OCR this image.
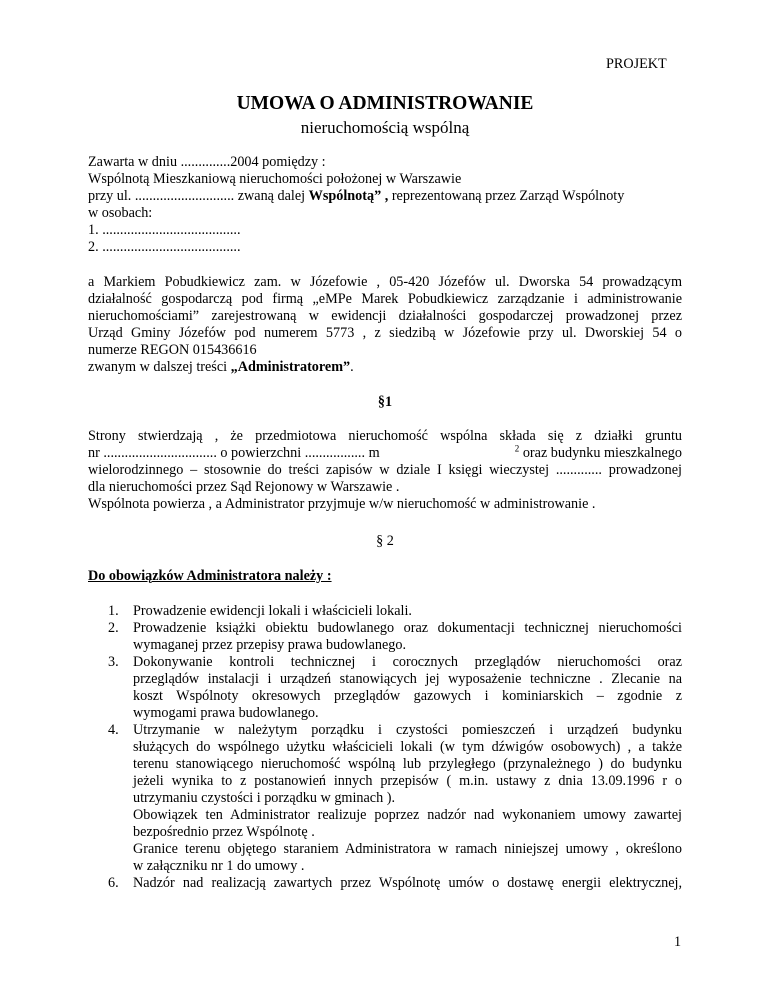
PROJEKT
UMOWA O ADMINISTROWANIE
nieruchomością wspólną
Zawarta w dniu ..............2004 pomiędzy :
Wspólnotą Mieszkaniową nieruchomości położonej w Warszawie
przy ul. ............................ zwaną dalej Wspólnotą” , reprezentowaną przez Zarząd Wspólnoty
w osobach:
1. .......................................
2. .......................................
a Markiem Pobudkiewicz zam. w Józefowie , 05-420 Józefów ul. Dworska 54 prowadzącym
działalność gospodarczą pod firmą „eMPe Marek Pobudkiewicz zarządzanie i administrowanie
nieruchomościami” zarejestrowaną w ewidencji działalności gospodarczej prowadzonej przez
Urząd Gminy Józefów pod numerem 5773 , z siedzibą w Józefowie przy ul. Dworskiej 54 o
numerze REGON 015436616
zwanym w dalszej treści „Administratorem”.
§1
Strony stwierdzają , że przedmiotowa nieruchomość wspólna składa się z działki gruntu
nr ................................ o powierzchni ................. m	$^2$ oraz budynku mieszkalnego
wielorodzinnego – stosownie do treści zapisów w dziale I księgi wieczystej ............. prowadzonej
dla nieruchomości przez Sąd Rejonowy w Warszawie .
Wspólnota powierza , a Administrator przyjmuje w/w nieruchomość w administrowanie .
§ 2
Do obowiązków Administratora należy :
1. Prowadzenie ewidencji lokali i właścicieli lokali.
2. Prowadzenie książki obiektu budowlanego oraz dokumentacji technicznej nieruchomości
wymaganej przez przepisy prawa budowlanego.
3. Dokonywanie kontroli technicznej i corocznych przeglądów nieruchomości oraz
przeglądów instalacji i urządzeń stanowiących jej wyposażenie techniczne . Zlecanie na
koszt Wspólnoty okresowych przeglądów gazowych i kominiarskich – zgodnie z
wymogami prawa budowlanego.
4. Utrzymanie w należytym porządku i czystości pomieszczeń i urządzeń budynku
służących do wspólnego użytku właścicieli lokali (w tym dźwigów osobowych) , a także
terenu stanowiącego nieruchomość wspólną lub przyległego (przynależnego ) do budynku
jeżeli wynika to z postanowień innych przepisów ( m.in. ustawy z dnia 13.09.1996 r o
utrzymaniu czystości i porządku w gminach ).
Obowiązek ten Administrator realizuje poprzez nadzór nad wykonaniem umowy zawartej
bezpośrednio przez Wspólnotę .
Granice terenu objętego staraniem Administratora w ramach niniejszej umowy , określono
w załączniku nr 1 do umowy .
6. Nadzór nad realizacją zawartych przez Wspólnotę umów o dostawę energii elektrycznej,
1
